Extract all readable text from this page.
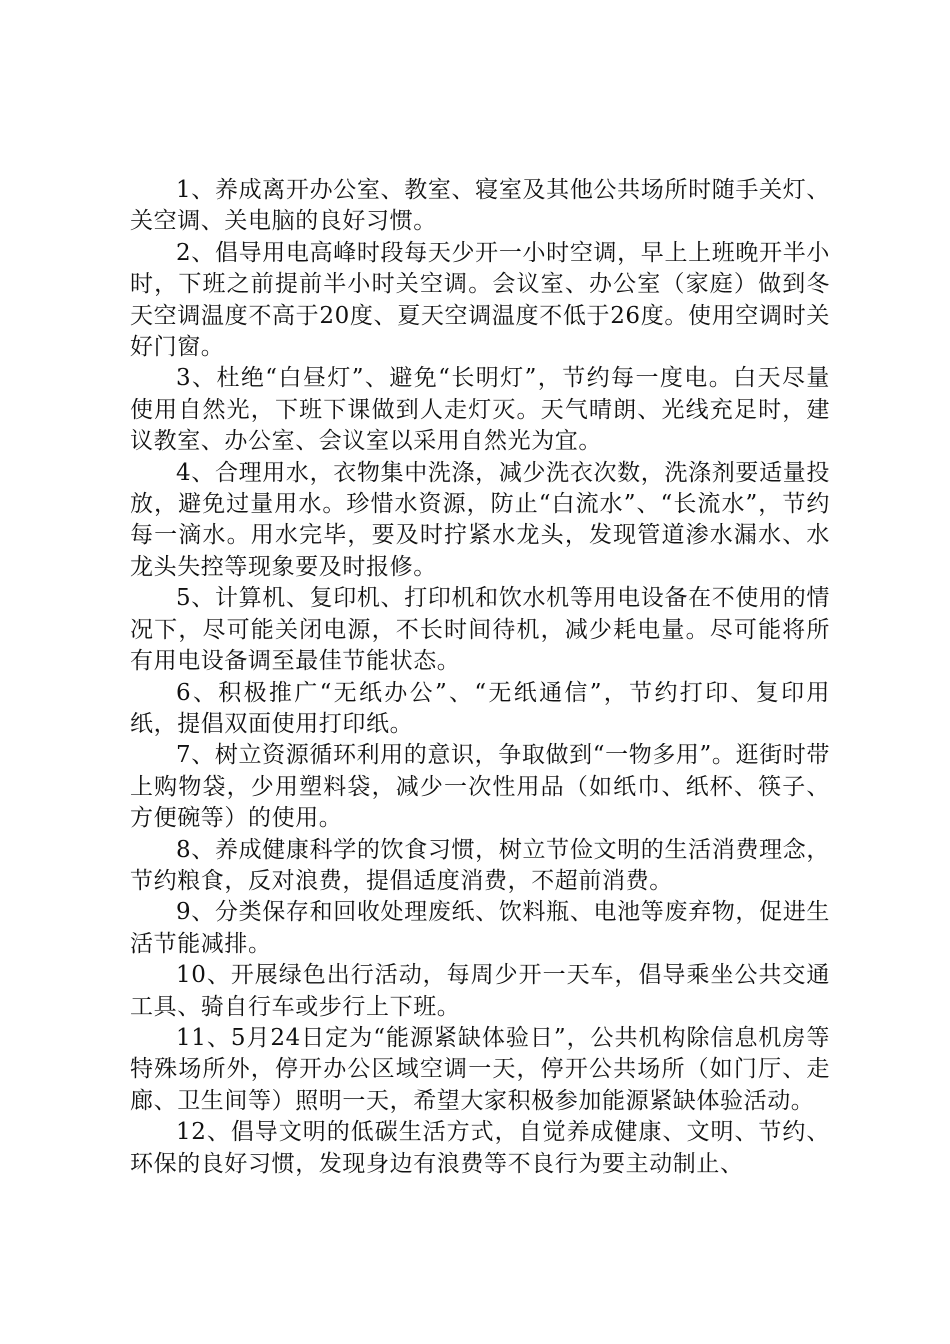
1、养成离开办公室、教室、寝室及其他公共场所时随手关灯、关空调、关电脑的良好习惯。

2、倡导用电高峰时段每天少开一小时空调，早上上班晚开半小时，下班之前提前半小时关空调。会议室、办公室（家庭）做到冬天空调温度不高于20度、夏天空调温度不低于26度。使用空调时关好门窗。

3、杜绝“白昼灯”、避免“长明灯”，节约每一度电。白天尽量使用自然光，下班下课做到人走灯灭。天气晴朗、光线充足时，建议教室、办公室、会议室以采用自然光为宜。

4、合理用水，衣物集中洗涤，减少洗衣次数，洗涤剂要适量投放，避免过量用水。珍惜水资源，防止“白流水”、“长流水”，节约每一滴水。用水完毕，要及时拧紧水龙头，发现管道渗水漏水、水龙头失控等现象要及时报修。

5、计算机、复印机、打印机和饮水机等用电设备在不使用的情况下，尽可能关闭电源，不长时间待机，减少耗电量。尽可能将所有用电设备调至最佳节能状态。

6、积极推广“无纸办公”、“无纸通信”，节约打印、复印用纸，提倡双面使用打印纸。

7、树立资源循环利用的意识，争取做到“一物多用”。逛街时带上购物袋，少用塑料袋，减少一次性用品（如纸巾、纸杯、筷子、方便碗等）的使用。

8、养成健康科学的饮食习惯，树立节俭文明的生活消费理念，节约粮食，反对浪费，提倡适度消费，不超前消费。

9、分类保存和回收处理废纸、饮料瓶、电池等废弃物，促进生活节能减排。

10、开展绿色出行活动，每周少开一天车，倡导乘坐公共交通工具、骑自行车或步行上下班。

11、5月24日定为“能源紧缺体验日”，公共机构除信息机房等特殊场所外，停开办公区域空调一天，停开公共场所（如门厅、走廊、卫生间等）照明一天，希望大家积极参加能源紧缺体验活动。

12、倡导文明的低碳生活方式，自觉养成健康、文明、节约、环保的良好习惯，发现身边有浪费等不良行为要主动制止、
